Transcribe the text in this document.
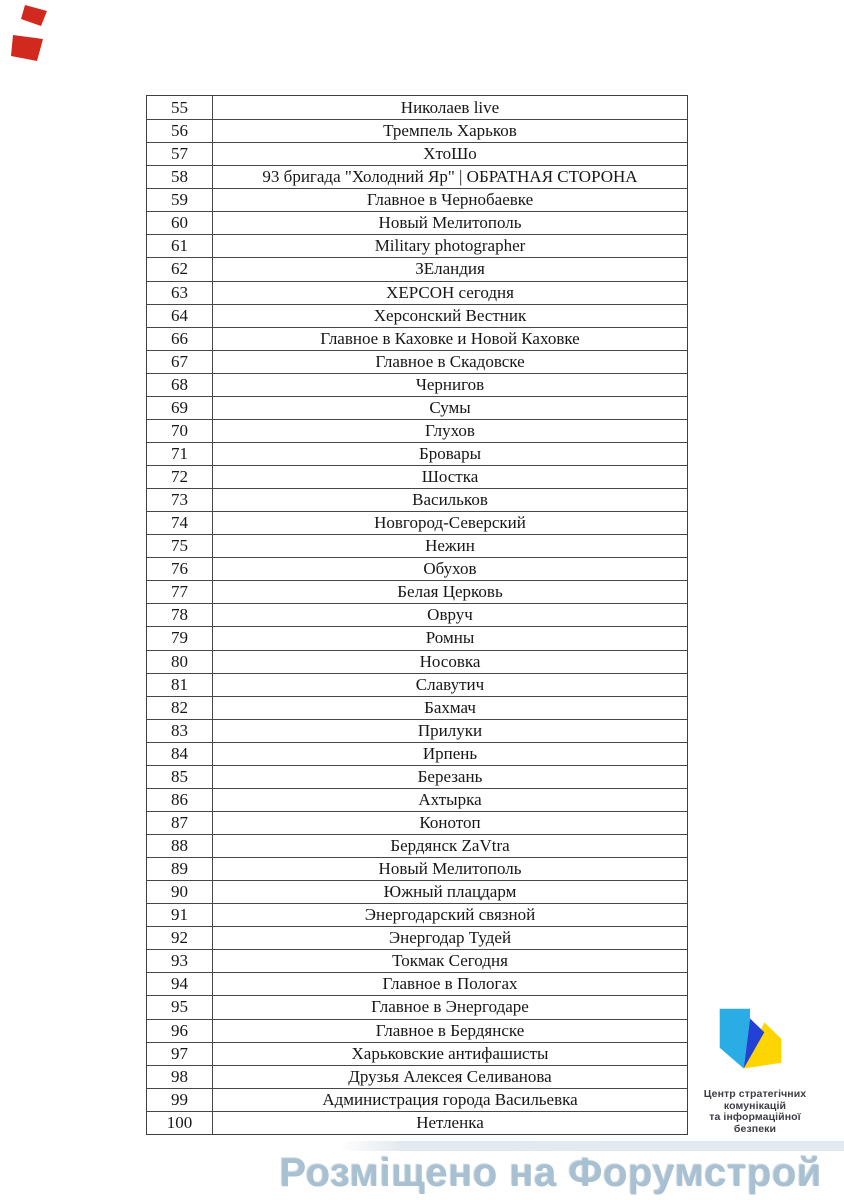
55	Николаев live
56	Тремпель Харьков
57	ХтоШо
58	93 бригада "Холодний Яр" | ОБРАТНАЯ СТОРОНА
59	Главное в Чернобаевке
60	Новый Мелитополь
61	Military photographer
62	ЗЕландия
63	ХЕРСОН сегодня
64	Херсонский Вестник
66	Главное в Каховке и Новой Каховке
67	Главное в Скадовске
68	Чернигов
69	Сумы
70	Глухов
71	Бровары
72	Шостка
73	Васильков
74	Новгород-Северский
75	Нежин
76	Обухов
77	Белая Церковь
78	Овруч
79	Ромны
80	Носовка
81	Славутич
82	Бахмач
83	Прилуки
84	Ирпень
85	Березань
86	Ахтырка
87	Конотоп
88	Бердянск ZaVtra
89	Новый Мелитополь
90	Южный плацдарм
91	Энергодарский связной
92	Энергодар Тудей
93	Токмак Сегодня
94	Главное в Пологах
95	Главное в Энергодаре
96	Главное в Бердянске
97	Харьковские антифашисты
98	Друзья Алексея Селиванова
99	Администрация города Васильевка
100	Нетленка
Центр стратегічних
комунікацій
та інформаційної
безпеки
Розміщено на Форумстрой
